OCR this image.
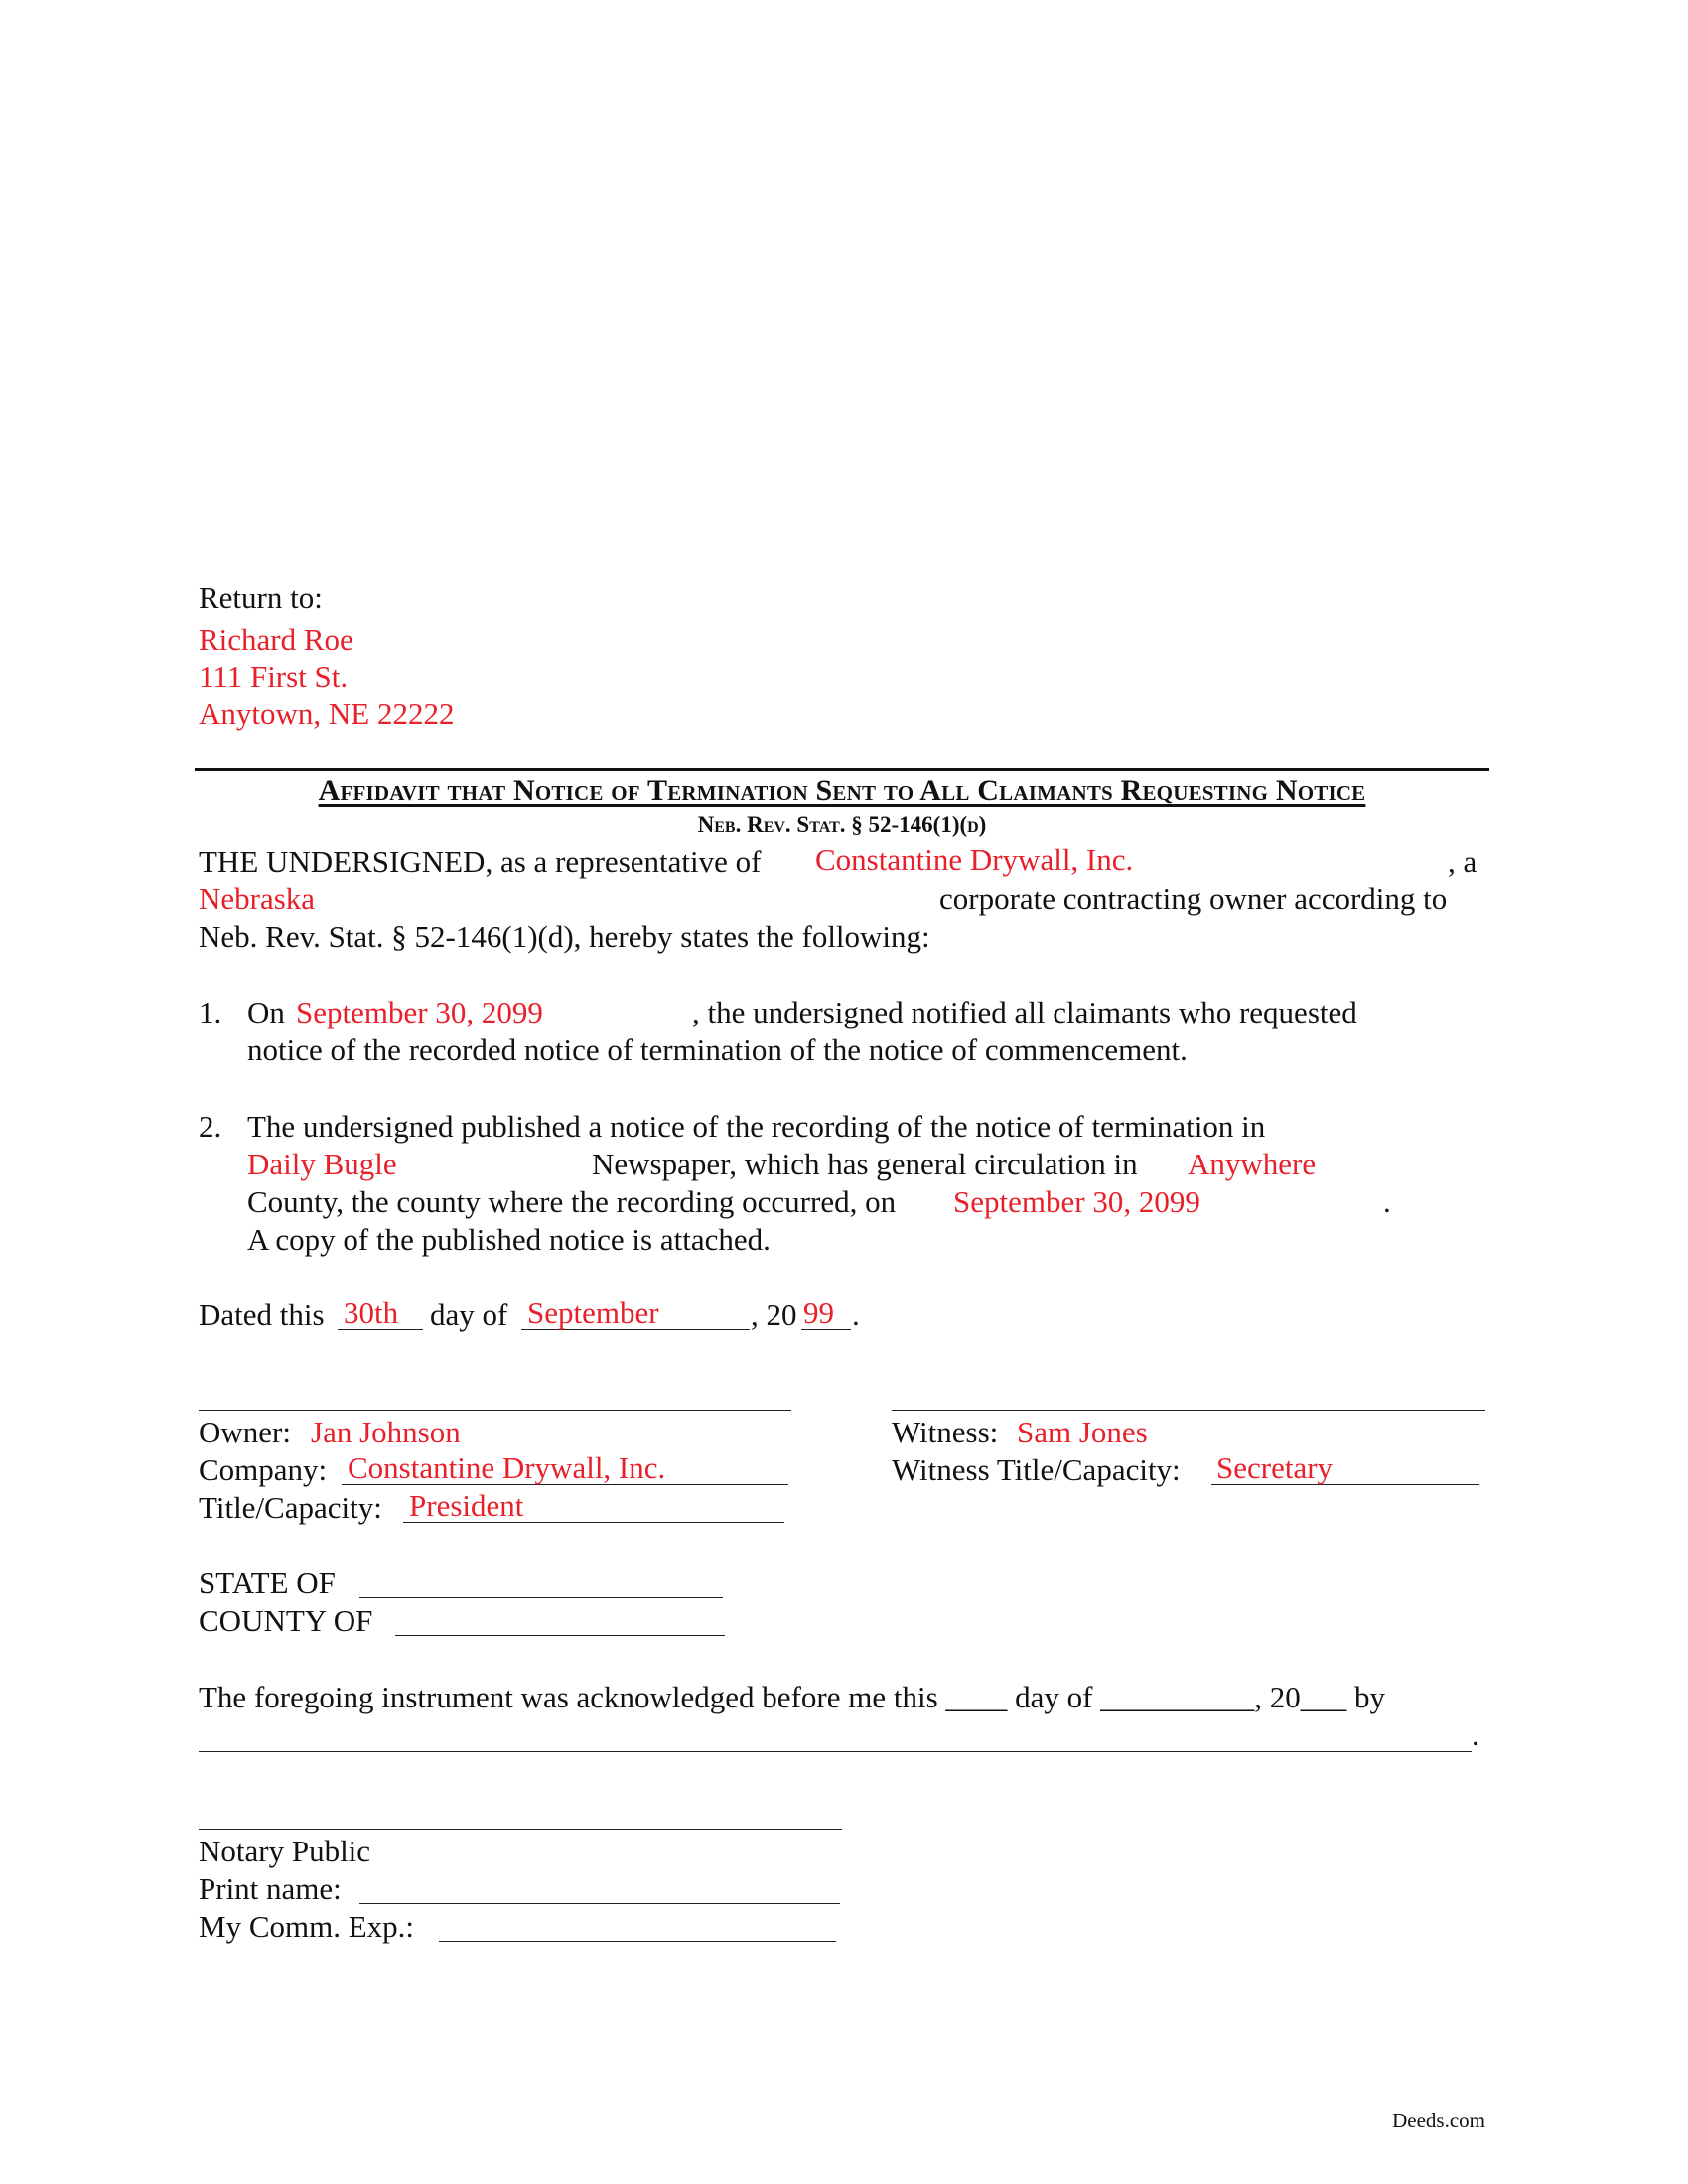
Return to:
Richard Roe
111 First St.
Anytown, NE 22222
Affidavit that Notice of Termination Sent to All Claimants Requesting Notice
Neb. Rev. Stat. § 52-146(1)(d)
THE UNDERSIGNED, as a representative of Constantine Drywall, Inc.	, a
Nebraska	corporate contracting owner according to
Neb. Rev. Stat. § 52-146(1)(d), hereby states the following:
1. On September 30, 2099	, the undersigned notified all claimants who requested
notice of the recorded notice of termination of the notice of commencement.
2. The undersigned published a notice of the recording of the notice of termination in
Daily Bugle	Newspaper, which has general circulation in Anywhere
County, the county where the recording occurred, on September 30, 2099	.
A copy of the published notice is attached.
Dated this 30th day of September	, 20 99 .
Owner: Jan Johnson
Company: Constantine Drywall, Inc.
Title/Capacity: President
Witness: Sam Jones
Witness Title/Capacity: Secretary
STATE OF
COUNTY OF
The foregoing instrument was acknowledged before me this ____ day of __________, 20___ by
.
Notary Public
Print name:
My Comm. Exp.:
Deeds.com
